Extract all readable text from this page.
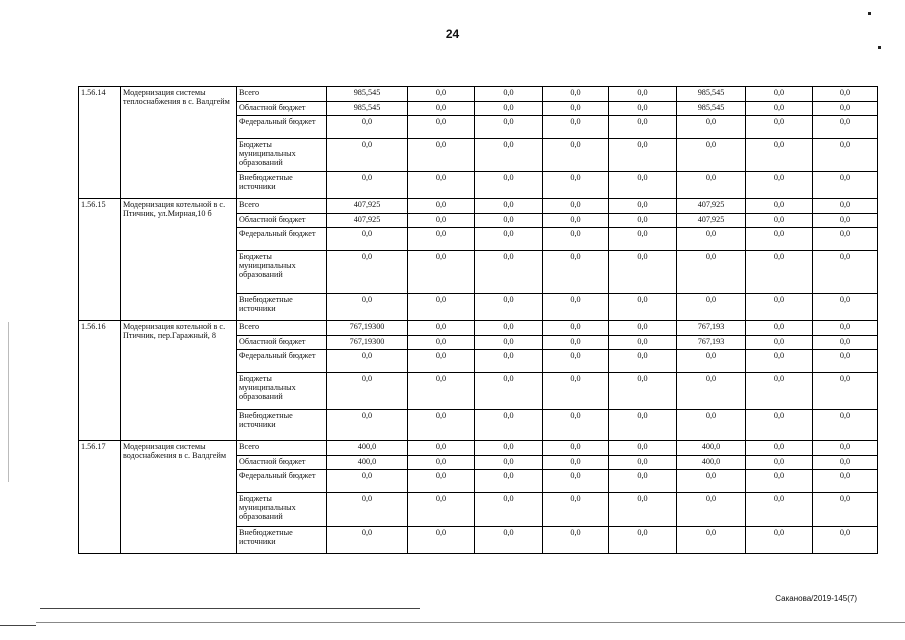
24
1.56.14	Модернизация системы теплоснабжения в с. Валдгейм	Всего	985,545	0,0	0,0	0,0	0,0	985,545	0,0	0,0
		Областной бюджет	985,545	0,0	0,0	0,0	0,0	985,545	0,0	0,0
		Федеральный бюджет	0,0	0,0	0,0	0,0	0,0	0,0	0,0	0,0
		Бюджеты муниципальных образований	0,0	0,0	0,0	0,0	0,0	0,0	0,0	0,0
		Внебюджетные источники	0,0	0,0	0,0	0,0	0,0	0,0	0,0	0,0
1.56.15	Модернизация котельной в с. Птичник, ул.Мирная,10 б	Всего	407,925	0,0	0,0	0,0	0,0	407,925	0,0	0,0
		Областной бюджет	407,925	0,0	0,0	0,0	0,0	407,925	0,0	0,0
		Федеральный бюджет	0,0	0,0	0,0	0,0	0,0	0,0	0,0	0,0
		Бюджеты муниципальных образований	0,0	0,0	0,0	0,0	0,0	0,0	0,0	0,0
		Внебюджетные источники	0,0	0,0	0,0	0,0	0,0	0,0	0,0	0,0
1.56.16	Модернизация котельной в с. Птичник, пер.Гаражный, 8	Всего	767,19300	0,0	0,0	0,0	0,0	767,193	0,0	0,0
		Областной бюджет	767,19300	0,0	0,0	0,0	0,0	767,193	0,0	0,0
		Федеральный бюджет	0,0	0,0	0,0	0,0	0,0	0,0	0,0	0,0
		Бюджеты муниципальных образований	0,0	0,0	0,0	0,0	0,0	0,0	0,0	0,0
		Внебюджетные источники	0,0	0,0	0,0	0,0	0,0	0,0	0,0	0,0
1.56.17	Модернизация системы водоснабжения в с. Валдгейм	Всего	400,0	0,0	0,0	0,0	0,0	400,0	0,0	0,0
		Областной бюджет	400,0	0,0	0,0	0,0	0,0	400,0	0,0	0,0
		Федеральный бюджет	0,0	0,0	0,0	0,0	0,0	0,0	0,0	0,0
		Бюджеты муниципальных образований	0,0	0,0	0,0	0,0	0,0	0,0	0,0	0,0
		Внебюджетные источники	0,0	0,0	0,0	0,0	0,0	0,0	0,0	0,0
Саканова/2019-145(7)
